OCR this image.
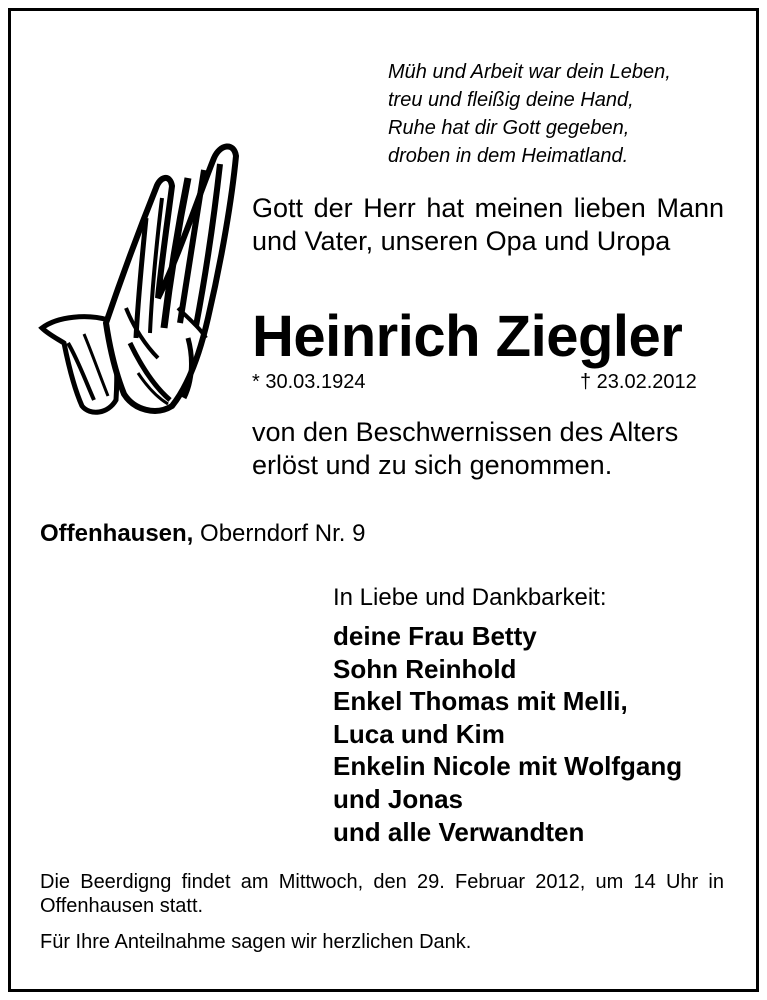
Müh und Arbeit war dein Leben,
treu und fleißig deine Hand,
Ruhe hat dir Gott gegeben,
droben in dem Heimatland.
Gott der Herr hat meinen lieben Mann und Vater, unseren Opa und Uropa
Heinrich Ziegler
* 30.03.1924	† 23.02.2012
von den Beschwernissen des Alters
erlöst und zu sich genommen.
Offenhausen, Oberndorf Nr. 9
In Liebe und Dankbarkeit:
deine Frau Betty
Sohn Reinhold
Enkel Thomas mit Melli,
Luca und Kim
Enkelin Nicole mit Wolfgang
und Jonas
und alle Verwandten
Die Beerdigng findet am Mittwoch, den 29. Februar 2012, um 14 Uhr in Offenhausen statt.
Für Ihre Anteilnahme sagen wir herzlichen Dank.
